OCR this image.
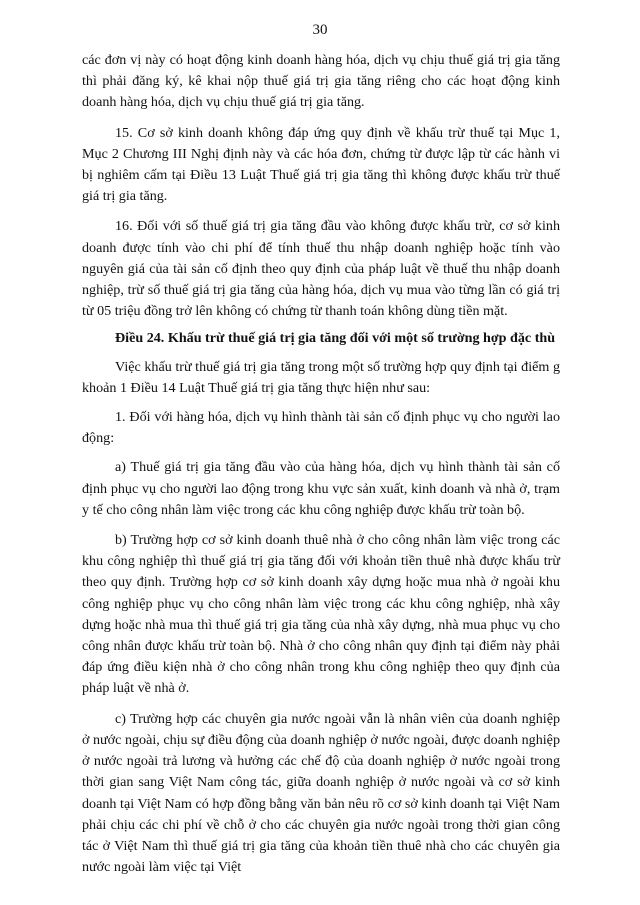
30

các đơn vị này có hoạt động kinh doanh hàng hóa, dịch vụ chịu thuế giá trị gia tăng thì phải đăng ký, kê khai nộp thuế giá trị gia tăng riêng cho các hoạt động kinh doanh hàng hóa, dịch vụ chịu thuế giá trị gia tăng.

15. Cơ sở kinh doanh không đáp ứng quy định về khấu trừ thuế tại Mục 1, Mục 2 Chương III Nghị định này và các hóa đơn, chứng từ được lập từ các hành vi bị nghiêm cấm tại Điều 13 Luật Thuế giá trị gia tăng thì không được khấu trừ thuế giá trị gia tăng.

16. Đối với số thuế giá trị gia tăng đầu vào không được khấu trừ, cơ sở kinh doanh được tính vào chi phí để tính thuế thu nhập doanh nghiệp hoặc tính vào nguyên giá của tài sản cố định theo quy định của pháp luật về thuế thu nhập doanh nghiệp, trừ số thuế giá trị gia tăng của hàng hóa, dịch vụ mua vào từng lần có giá trị từ 05 triệu đồng trở lên không có chứng từ thanh toán không dùng tiền mặt.

Điều 24. Khấu trừ thuế giá trị gia tăng đối với một số trường hợp đặc thù

Việc khấu trừ thuế giá trị gia tăng trong một số trường hợp quy định tại điểm g khoản 1 Điều 14 Luật Thuế giá trị gia tăng thực hiện như sau:

1. Đối với hàng hóa, dịch vụ hình thành tài sản cố định phục vụ cho người lao động:

a) Thuế giá trị gia tăng đầu vào của hàng hóa, dịch vụ hình thành tài sản cố định phục vụ cho người lao động trong khu vực sản xuất, kinh doanh và nhà ở, trạm y tế cho công nhân làm việc trong các khu công nghiệp được khấu trừ toàn bộ.

b) Trường hợp cơ sở kinh doanh thuê nhà ở cho công nhân làm việc trong các khu công nghiệp thì thuế giá trị gia tăng đối với khoản tiền thuê nhà được khấu trừ theo quy định. Trường hợp cơ sở kinh doanh xây dựng hoặc mua nhà ở ngoài khu công nghiệp phục vụ cho công nhân làm việc trong các khu công nghiệp, nhà xây dựng hoặc nhà mua thì thuế giá trị gia tăng của nhà xây dựng, nhà mua phục vụ cho công nhân được khấu trừ toàn bộ. Nhà ở cho công nhân quy định tại điểm này phải đáp ứng điều kiện nhà ở cho công nhân trong khu công nghiệp theo quy định của pháp luật về nhà ở.

c) Trường hợp các chuyên gia nước ngoài vẫn là nhân viên của doanh nghiệp ở nước ngoài, chịu sự điều động của doanh nghiệp ở nước ngoài, được doanh nghiệp ở nước ngoài trả lương và hưởng các chế độ của doanh nghiệp ở nước ngoài trong thời gian sang Việt Nam công tác, giữa doanh nghiệp ở nước ngoài và cơ sở kinh doanh tại Việt Nam có hợp đồng bằng văn bản nêu rõ cơ sở kinh doanh tại Việt Nam phải chịu các chi phí về chỗ ở cho các chuyên gia nước ngoài trong thời gian công tác ở Việt Nam thì thuế giá trị gia tăng của khoản tiền thuê nhà cho các chuyên gia nước ngoài làm việc tại Việt
